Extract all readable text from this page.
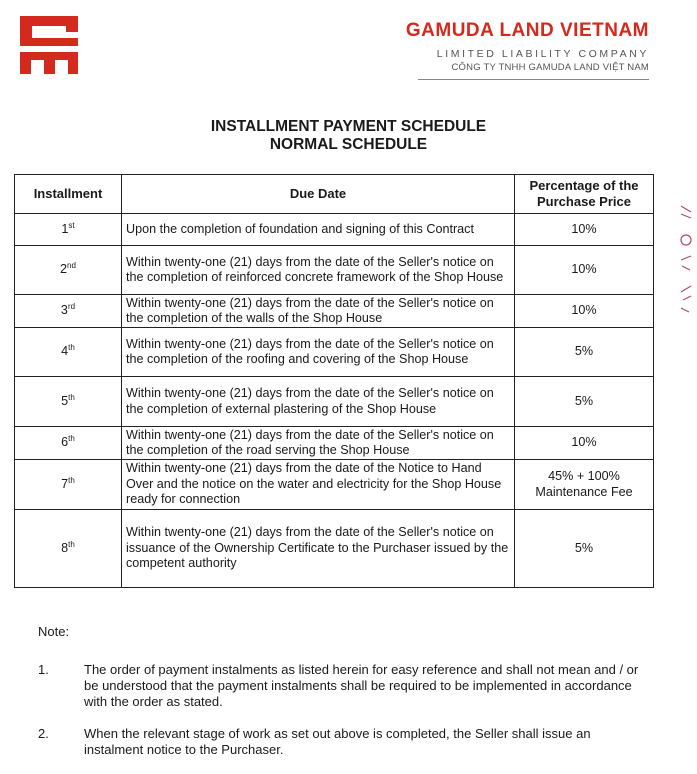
GAMUDA LAND VIETNAM
LIMITED LIABILITY COMPANY
CÔNG TY TNHH GAMUDA LAND VIỆT NAM
INSTALLMENT PAYMENT SCHEDULE
NORMAL SCHEDULE
Installment	Due Date	Percentage of the Purchase Price
1st	Upon the completion of foundation and signing of this Contract	10%
2nd	Within twenty-one (21) days from the date of the Seller's notice on the completion of reinforced concrete framework of the Shop House	10%
3rd	Within twenty-one (21) days from the date of the Seller's notice on the completion of the walls of the Shop House	10%
4th	Within twenty-one (21) days from the date of the Seller's notice on the completion of the roofing and covering of the Shop House	5%
5th	Within twenty-one (21) days from the date of the Seller's notice on the completion of external plastering of the Shop House	5%
6th	Within twenty-one (21) days from the date of the Seller's notice on the completion of the road serving the Shop House	10%
7th	Within twenty-one (21) days from the date of the Notice to Hand Over and the notice on the water and electricity for the Shop House ready for connection	45% + 100% Maintenance Fee
8th	Within twenty-one (21) days from the date of the Seller's notice on issuance of the Ownership Certificate to the Purchaser issued by the competent authority	5%
Note:
1.	The order of payment instalments as listed herein for easy reference and shall not mean and / or be understood that the payment instalments shall be required to be implemented in accordance with the order as stated.
2.	When the relevant stage of work as set out above is completed, the Seller shall issue an instalment notice to the Purchaser.
